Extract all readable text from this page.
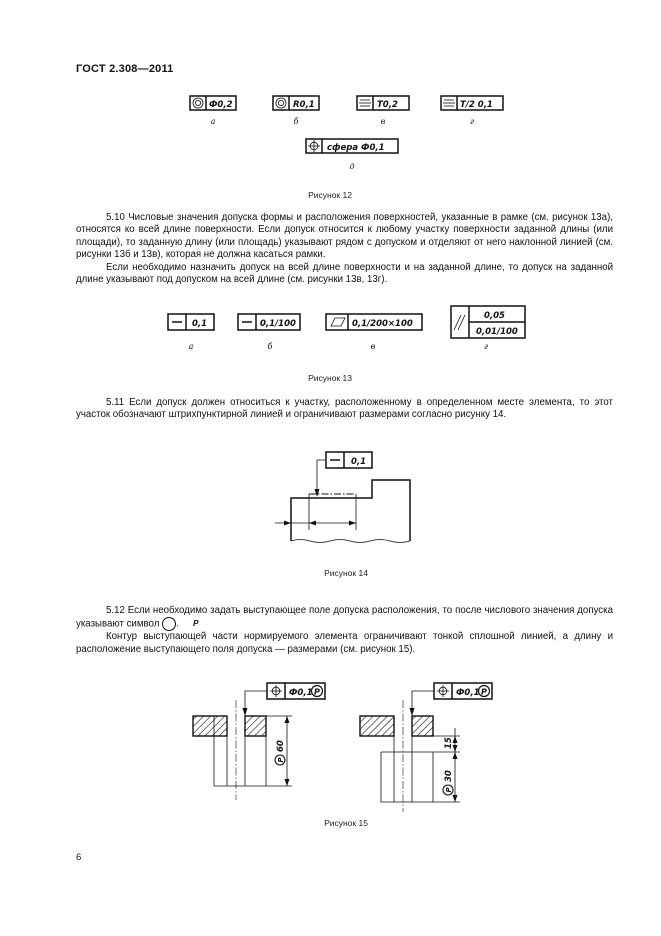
ГОСТ 2.308—2011
Ф0,2
а
R0,1
б
T0,2
в
T/2 0,1
г
сфера Ф0,1
д
Рисунок 12

5.10 Числовые значения допуска формы и расположения поверхностей, указанные в рамке (см. рисунок 13а), относятся ко всей длине поверхности. Если допуск относится к любому участку поверхности заданной длины (или площади), то заданную длину (или площадь) указывают рядом с допуском и отделяют от него наклонной линией (см. рисунки 13б и 13в), которая не должна касаться рамки.

Если необходимо назначить допуск на всей длине поверхности и на заданной длине, то допуск на заданной длине указывают под допуском на всей длине (см. рисунки 13в, 13г).

0,1
а
0,1/100
б
0,1/200×100
в
0,05
0,01/100
г
Рисунок 13

5.11 Если допуск должен относиться к участку, расположенному в определенном месте элемента, то этот участок обозначают штрихпунктирной линией и ограничивают размерами согласно рисунку 14.

0,1
Рисунок 14

5.12 Если необходимо задать выступающее поле допуска расположения, то после числового значения допуска указывают символ	P.

Контур выступающей части нормируемого элемента ограничивают тонкой сплошной линией, а длину и расположение выступающего поля допуска — размерами (см. рисунок 15).

Ф0,1 P
P
60
Ф0,1 P
15
P
30
Рисунок 15
6
